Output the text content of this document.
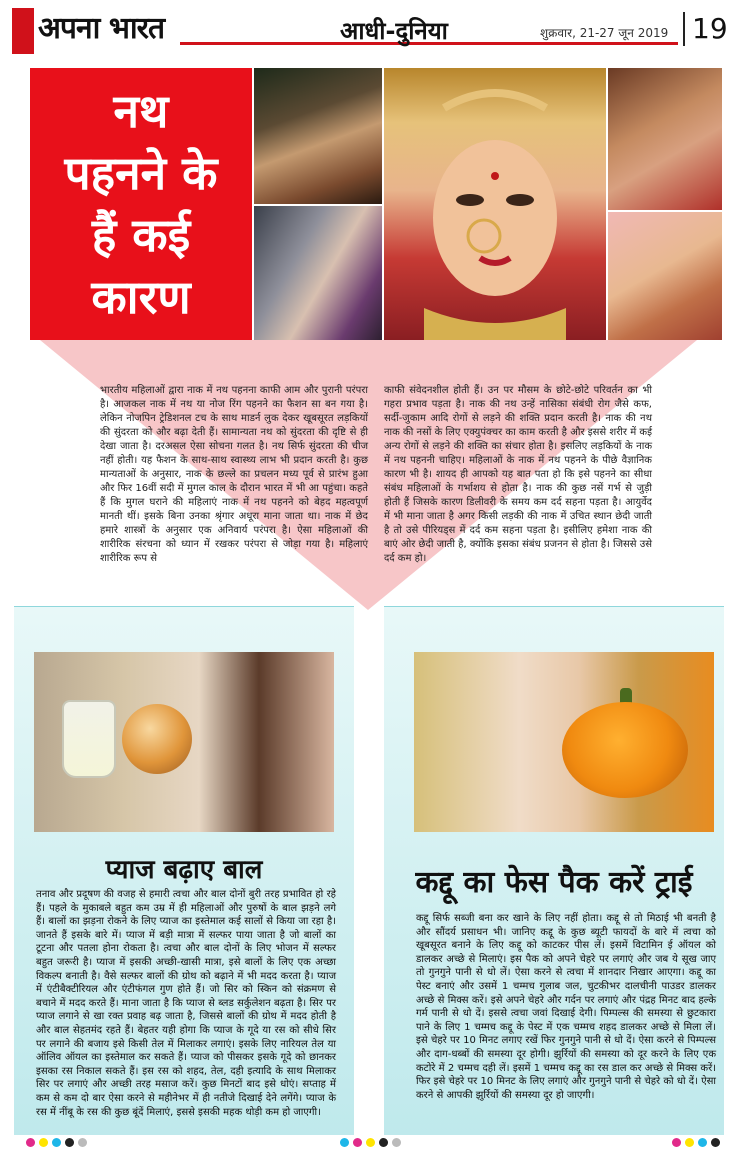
अपना भारत	आधी-दुनिया	शुक्रवार, 21-27 जून 2019 19
नथ
पहनने के
हैं कई
कारण
भारतीय महिलाओं द्वारा नाक में नथ पहनना काफी आम और पुरानी परंपरा है। आजकल नाक में नथ या नोज रिंग पहनने का फैशन सा बन गया है। लेकिन नोजपिन ट्रेडिशनल टच के साथ माडर्न लुक देकर खूबसूरत लड़कियों की सुंदरता को और बढ़ा देती हैं। सामान्यता नथ को सुंदरता की दृष्टि से ही देखा जाता है। दरअसल ऐसा सोचना गलत है। नथ सिर्फ सुंदरता की चीज नहीं होती। यह फैशन के साथ-साथ स्वास्थ्य लाभ भी प्रदान करती है। कुछ मान्यताओं के अनुसार, नाक के छल्ले का प्रचलन मध्य पूर्व से प्रारंभ हुआ और फिर 16वीं सदी में मुगल काल के दौरान भारत में भी आ पहुंचा। कहते हैं कि मुगल घराने की महिलाएं नाक में नथ पहनने को बेहद महत्वपूर्ण मानती थीं। इसके बिना उनका श्रृंगार अधूरा माना जाता था। नाक में छेद हमारे शास्त्रों के अनुसार एक अनिवार्य परंपरा है। ऐसा महिलाओं की शारीरिक संरचना को ध्यान में रखकर परंपरा से जोड़ा गया है। महिलाएं शारीरिक रूप से
काफी संवेदनशील होती हैं। उन पर मौसम के छोटे-छोटे परिवर्तन का भी गहरा प्रभाव पड़ता है। नाक की नथ उन्हें नासिका संबंधी रोग जैसे कफ, सर्दी-जुकाम आदि रोगों से लड़ने की शक्ति प्रदान करती है। नाक की नथ नाक की नसों के लिए एक्युपंक्चर का काम करती है और इससे शरीर में कई अन्य रोगों से लड़ने की शक्ति का संचार होता है। इसलिए लड़कियों के नाक में नथ पहननी चाहिए। महिलाओं के नाक में नथ पहनने के पीछे वैज्ञानिक कारण भी है। शायद ही आपको यह बात पता हो कि इसे पहनने का सीधा संबंध महिलाओं के गर्भाशय से होता है। नाक की कुछ नसें गर्भ से जुड़ी होती हैं जिसके कारण डिलीवरी के समय कम दर्द सहना पड़ता है। आयुर्वेद में भी माना जाता है अगर किसी लड़की की नाक में उचित स्थान छेदी जाती है तो उसे पीरियड्स में दर्द कम सहना पड़ता है। इसीलिए हमेशा नाक की बाएं ओर छेदी जाती है, क्योंकि इसका संबंध प्रजनन से होता है। जिससे उसे दर्द कम हो।
प्याज बढ़ाए बाल
तनाव और प्रदूषण की वजह से हमारी त्वचा और बाल दोनों बुरी तरह प्रभावित हो रहे हैं। पहले के मुकाबले बहुत कम उम्र में ही महिलाओं और पुरुषों के बाल झड़ने लगे हैं। बालों का झड़ना रोकने के लिए प्याज का इस्तेमाल कई सालों से किया जा रहा है। जानते हैं इसके बारे में। प्याज में बड़ी मात्रा में सल्फर पाया जाता है जो बालों का टूटना और पतला होना रोकता है। त्वचा और बाल दोनों के लिए भोजन में सल्फर बहुत जरूरी है। प्याज में इसकी अच्छी-खासी मात्रा, इसे बालों के लिए एक अच्छा विकल्प बनाती है। वैसे सल्फर बालों की ग्रोथ को बढ़ाने में भी मदद करता है। प्याज में एंटीबैक्टीरियल और एंटीफंगल गुण होते हैं। जो सिर को स्किन को संक्रमण से बचाने में मदद करते हैं। माना जाता है कि प्याज से ब्लड सर्कुलेशन बढ़ता है। सिर पर प्याज लगाने से खा रक्त प्रवाह बढ़ जाता है, जिससे बालों की ग्रोथ में मदद होती है और बाल सेहतमंद रहते हैं। बेहतर यही होगा कि प्याज के गूदे या रस को सीधे सिर पर लगाने की बजाय इसे किसी तेल में मिलाकर लगाएं। इसके लिए नारियल तेल या ऑलिव ऑयल का इस्तेमाल कर सकते हैं। प्याज को पीसकर इसके गूदे को छानकर इसका रस निकाल सकते हैं। इस रस को शहद, तेल, दही इत्यादि के साथ मिलाकर सिर पर लगाएं और अच्छी तरह मसाज करें। कुछ मिनटों बाद इसे धोएं। सप्ताह में कम से कम दो बार ऐसा करने से महीनेभर में ही नतीजे दिखाई देने लगेंगे। प्याज के रस में नींबू के रस की कुछ बूंदें मिलाएं, इससे इसकी महक थोड़ी कम हो जाएगी।
कद्दू का फेस पैक करें ट्राई
कद्दू सिर्फ सब्जी बना कर खाने के लिए नहीं होता। कद्दू से तो मिठाई भी बनती है और सौंदर्य प्रसाधन भी। जानिए कद्दू के कुछ ब्यूटी फायदों के बारे में त्वचा को खूबसूरत बनाने के लिए कद्दू को काटकर पीस लें। इसमें विटामिन ई ऑयल को डालकर अच्छे से मिलाएं। इस पैक को अपने चेहरे पर लगाएं और जब ये सूख जाए तो गुनगुने पानी से धो लें। ऐसा करने से त्वचा में शानदार निखार आएगा। कद्दू का पेस्ट बनाएं और उसमें 1 चम्मच गुलाब जल, चुटकीभर दालचीनी पाउडर डालकर अच्छे से मिक्स करें। इसे अपने चेहरे और गर्दन पर लगाएं और पंद्रह मिनट बाद हल्के गर्म पानी से धो दें। इससे त्वचा जवां दिखाई देगी। पिम्पल्स की समस्या से छुटकारा पाने के लिए 1 चम्मच कद्दू के पेस्ट में एक चम्मच शहद डालकर अच्छे से मिला लें। इसे चेहरे पर 10 मिनट लगाए रखें फिर गुनगुने पानी से धो दें। ऐसा करने से पिम्पल्स और दाग-धब्बों की समस्या दूर होगी। झुर्रियों की समस्या को दूर करने के लिए एक कटोरे में 2 चम्मच दही लें। इसमें 1 चम्मच कद्दू का रस डाल कर अच्छे से मिक्स करें। फिर इसे चेहरे पर 10 मिनट के लिए लगाएं और गुनगुने पानी से चेहरे को धो दें। ऐसा करने से आपकी झुर्रियों की समस्या दूर हो जाएगी।
